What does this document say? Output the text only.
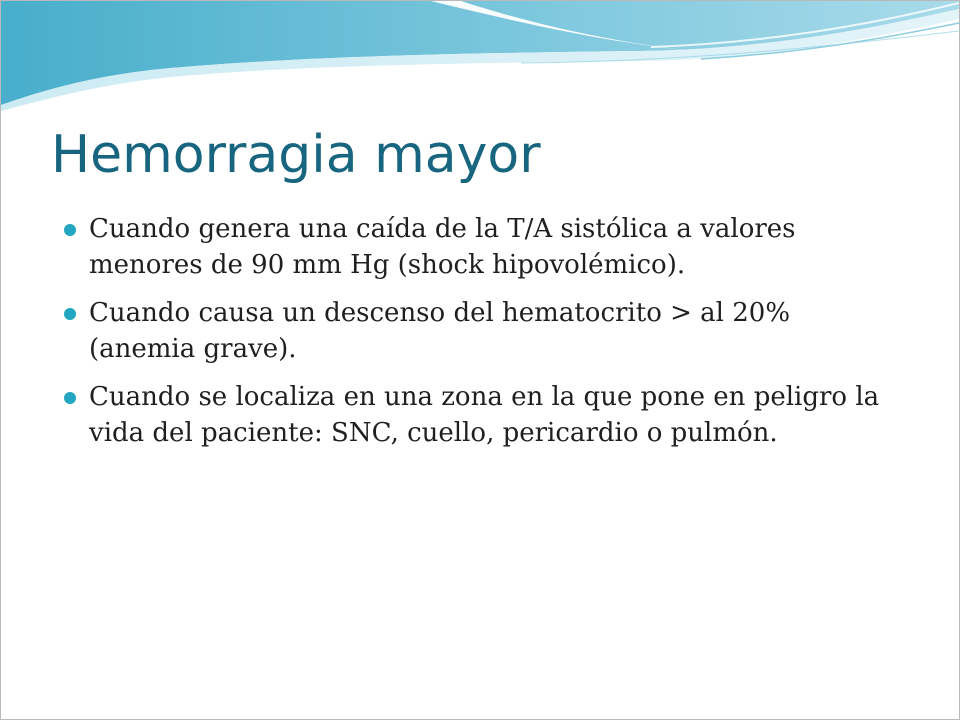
Hemorragia mayor
Cuando genera una caída de la T/A sistólica a valores menores de 90 mm Hg (shock hipovolémico).
Cuando causa un descenso del hematocrito > al 20% (anemia grave).
Cuando se localiza en una zona en la que pone en peligro la vida del paciente: SNC, cuello, pericardio o pulmón.
